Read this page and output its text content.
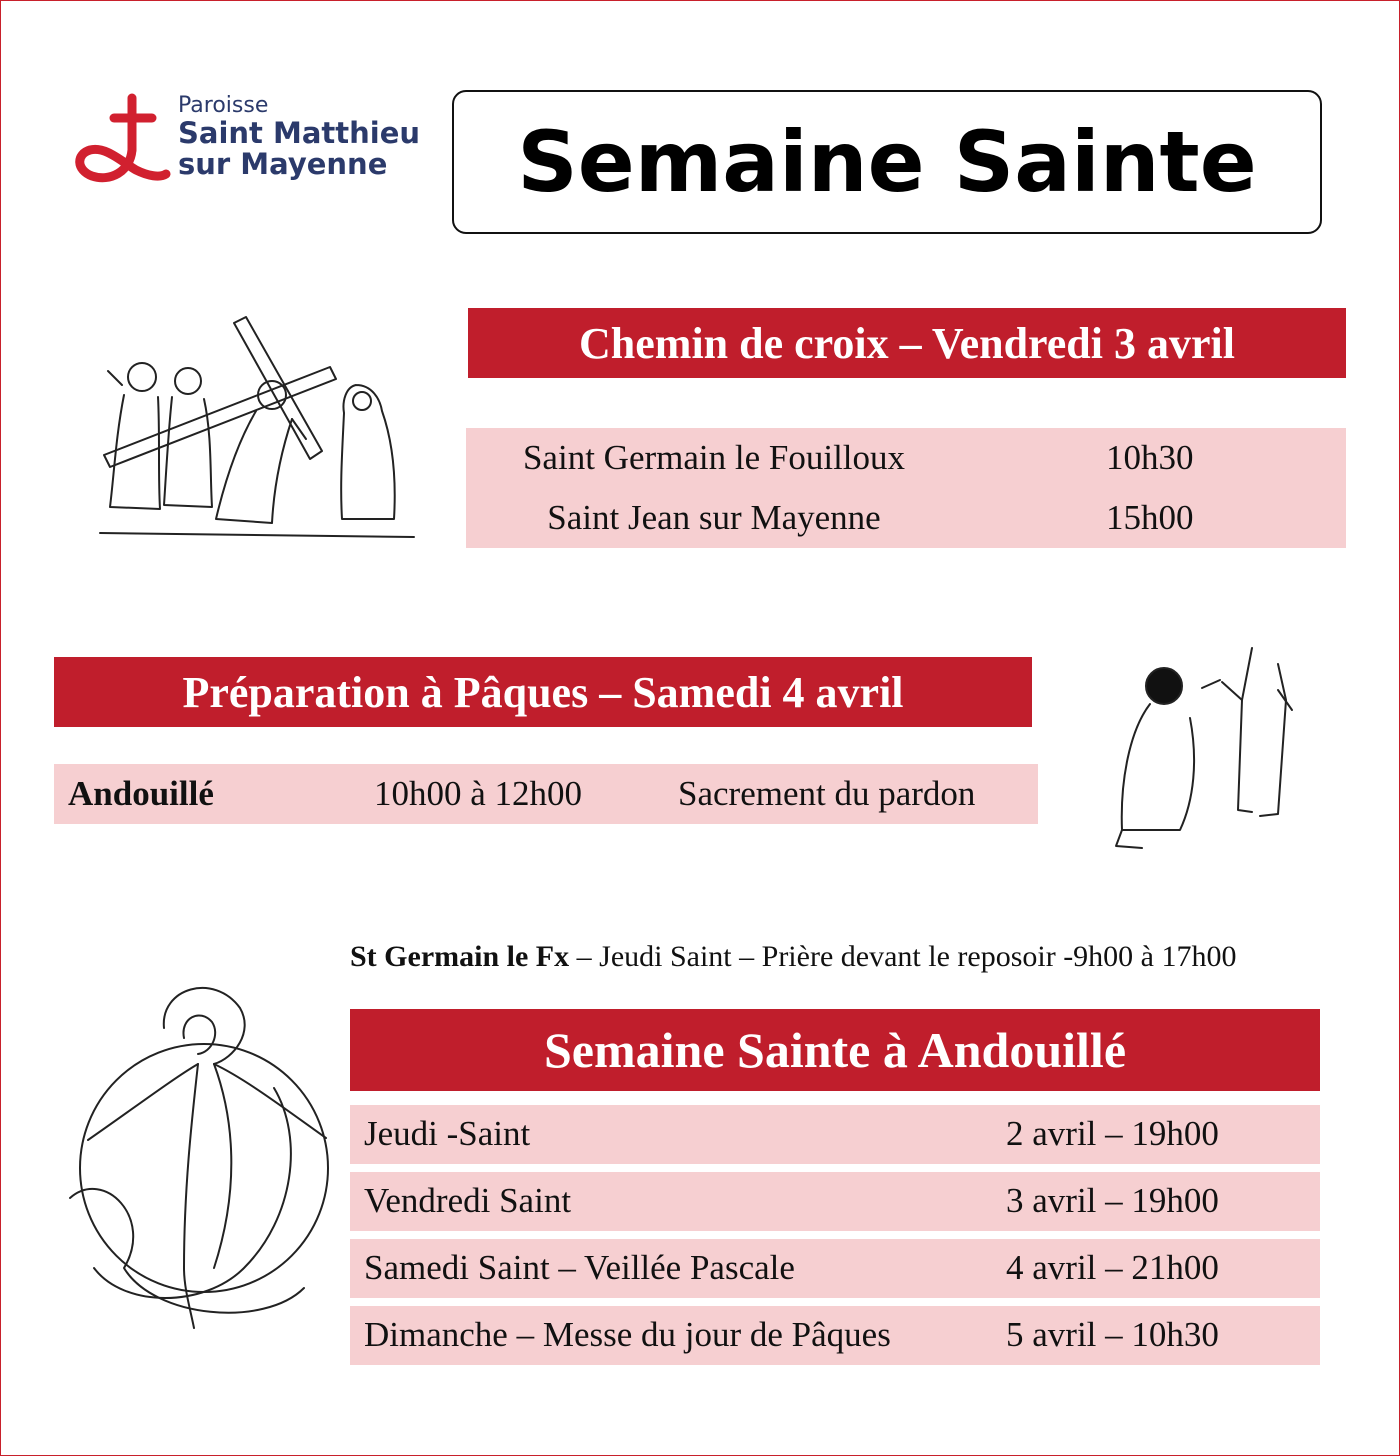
Paroisse
Saint Matthieu
sur Mayenne	Semaine Sainte
Chemin de croix – Vendredi 3 avril
Saint Germain le Fouilloux	10h30
Saint Jean sur Mayenne	15h00
Préparation à Pâques – Samedi 4 avril
Andouillé	10h00 à 12h00	Sacrement du pardon
St Germain le Fx – Jeudi Saint – Prière devant le reposoir -9h00 à 17h00
Semaine Sainte à Andouillé
Jeudi -Saint	2 avril – 19h00
Vendredi Saint	3 avril – 19h00
Samedi Saint – Veillée Pascale	4 avril – 21h00
Dimanche – Messe du jour de Pâques	5 avril – 10h30
